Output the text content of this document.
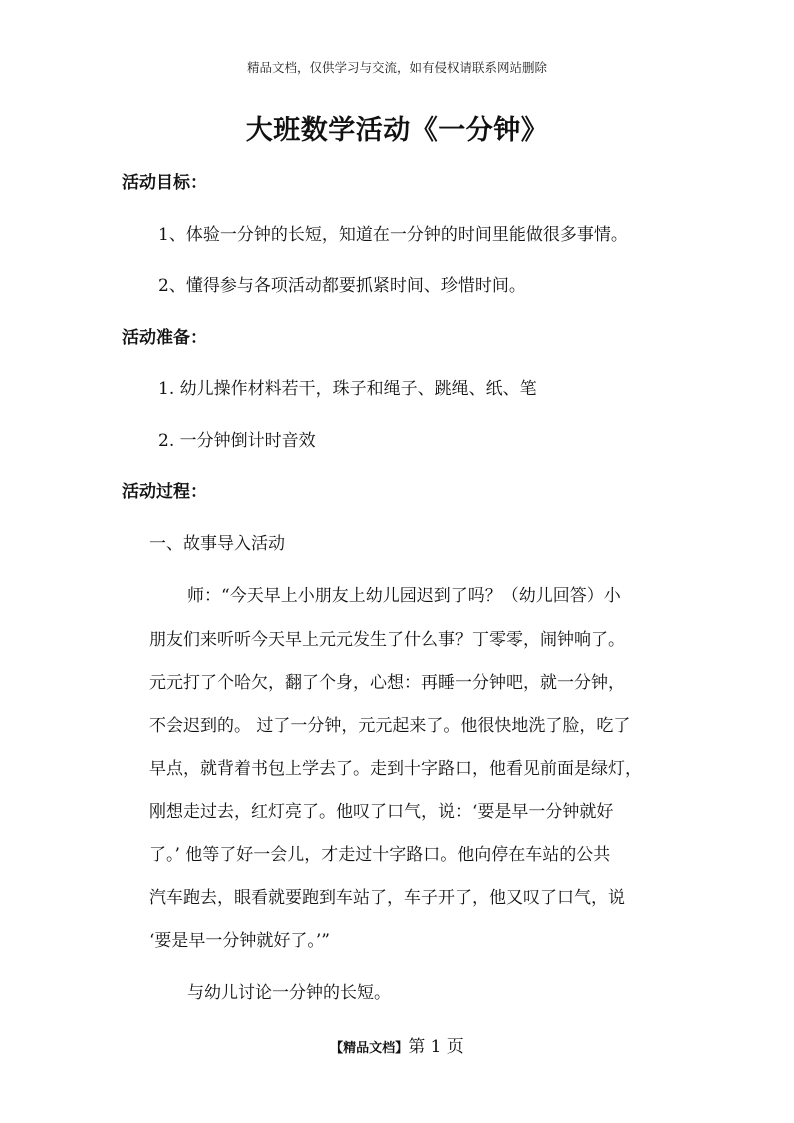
精品文档，仅供学习与交流，如有侵权请联系网站删除
大班数学活动《一分钟》
活动目标：
1、体验一分钟的长短，知道在一分钟的时间里能做很多事情。
2、懂得参与各项活动都要抓紧时间、珍惜时间。
活动准备：
1. 幼儿操作材料若干，珠子和绳子、跳绳、纸、笔
2. 一分钟倒计时音效
活动过程：
一、故事导入活动
师：“今天早上小朋友上幼儿园迟到了吗？（幼儿回答）小
朋友们来听听今天早上元元发生了什么事？丁零零，闹钟响了。
元元打了个哈欠，翻了个身，心想：再睡一分钟吧，就一分钟，
不会迟到的。 过了一分钟，元元起来了。他很快地洗了脸，吃了
早点，就背着书包上学去了。走到十字路口，他看见前面是绿灯，
刚想走过去，红灯亮了。他叹了口气，说：‘要是早一分钟就好
了。’ 他等了好一会儿，才走过十字路口。他向停在车站的公共
汽车跑去，眼看就要跑到车站了，车子开了，他又叹了口气，说
‘要是早一分钟就好了。’”
与幼儿讨论一分钟的长短。
【精品文档】第 1 页
